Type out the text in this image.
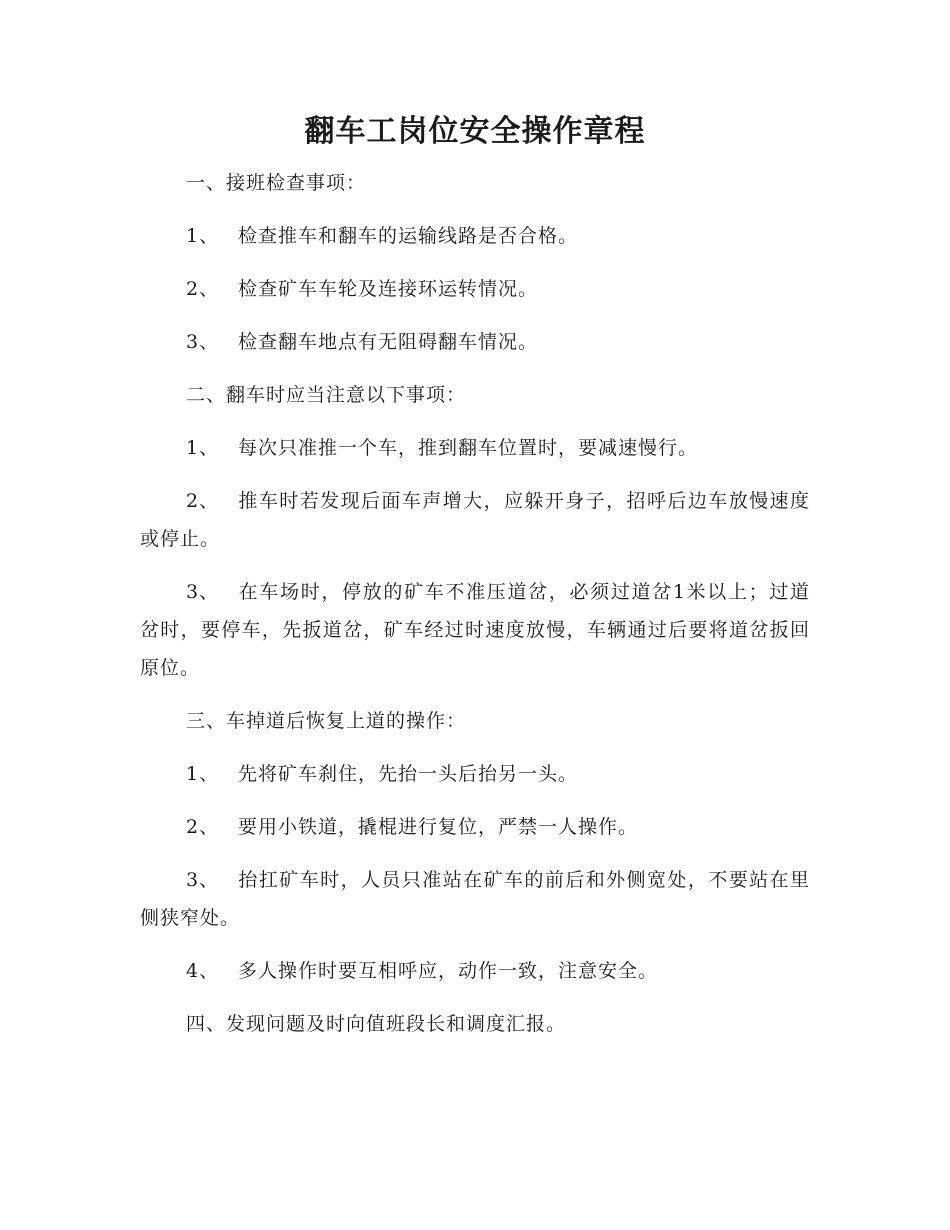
翻车工岗位安全操作章程

一、接班检查事项：

1、 检查推车和翻车的运输线路是否合格。

2、 检查矿车车轮及连接环运转情况。

3、 检查翻车地点有无阻碍翻车情况。

二、翻车时应当注意以下事项：

1、 每次只准推一个车，推到翻车位置时，要减速慢行。

2、 推车时若发现后面车声增大，应躲开身子，招呼后边车放慢速度或停止。

3、 在车场时，停放的矿车不准压道岔，必须过道岔1米以上；过道岔时，要停车，先扳道岔，矿车经过时速度放慢，车辆通过后要将道岔扳回原位。

三、车掉道后恢复上道的操作：

1、 先将矿车刹住，先抬一头后抬另一头。

2、 要用小铁道，撬棍进行复位，严禁一人操作。

3、 抬扛矿车时，人员只准站在矿车的前后和外侧宽处，不要站在里侧狭窄处。

4、 多人操作时要互相呼应，动作一致，注意安全。

四、发现问题及时向值班段长和调度汇报。
